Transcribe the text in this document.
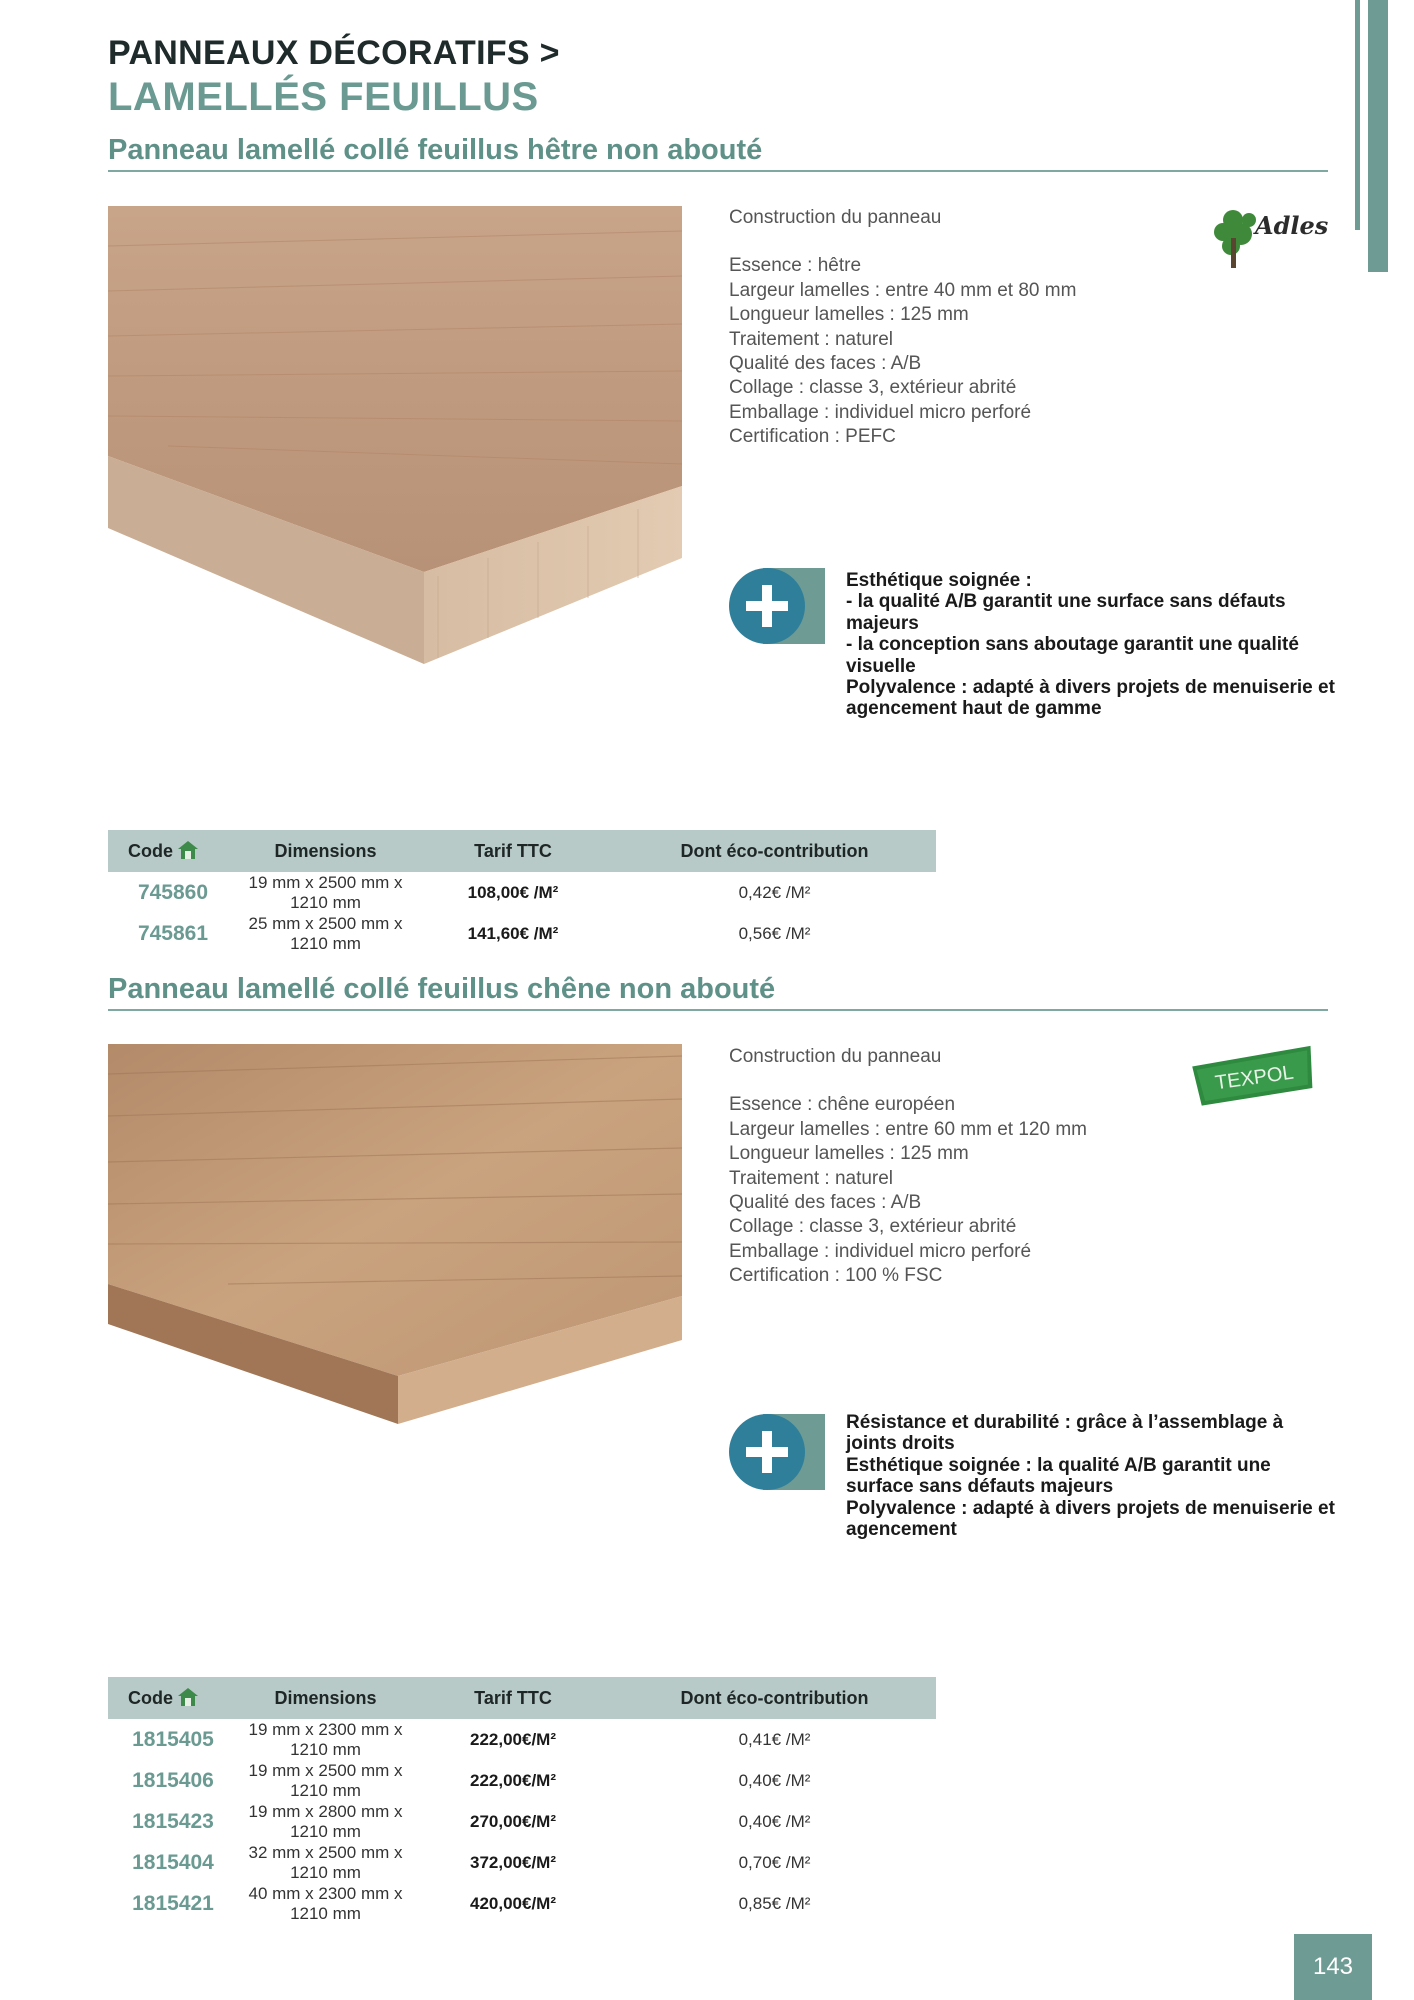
PANNEAUX DÉCORATIFS >
LAMELLÉS FEUILLUS
Panneau lamellé collé feuillus hêtre non abouté
Construction du panneau
Essence : hêtre
Largeur lamelles : entre 40 mm et 80 mm
Longueur lamelles : 125 mm
Traitement : naturel
Qualité des faces : A/B
Collage : classe 3, extérieur abrité
Emballage : individuel micro perforé
Certification : PEFC
Adles
Esthétique soignée :
- la qualité A/B garantit une surface sans défauts majeurs
- la conception sans aboutage garantit une qualité visuelle
Polyvalence : adapté à divers projets de menuiserie et agencement haut de gamme
Code	Dimensions	Tarif TTC	Dont éco-contribution
745860	19 mm x 2500 mm x 1210 mm	108,00€ /M²	0,42€ /M²
745861	25 mm x 2500 mm x 1210 mm	141,60€ /M²	0,56€ /M²
Panneau lamellé collé feuillus chêne non abouté
Construction du panneau
Essence : chêne européen
Largeur lamelles : entre 60 mm et 120 mm
Longueur lamelles : 125 mm
Traitement : naturel
Qualité des faces : A/B
Collage : classe 3, extérieur abrité
Emballage : individuel micro perforé
Certification : 100 % FSC
TEXPOL
Résistance et durabilité : grâce à l’assemblage à joints droits
Esthétique soignée : la qualité A/B garantit une surface sans défauts majeurs
Polyvalence : adapté à divers projets de menuiserie et agencement
Code	Dimensions	Tarif TTC	Dont éco-contribution
1815405	19 mm x 2300 mm x 1210 mm	222,00€/M²	0,41€ /M²
1815406	19 mm x 2500 mm x 1210 mm	222,00€/M²	0,40€ /M²
1815423	19 mm x 2800 mm x 1210 mm	270,00€/M²	0,40€ /M²
1815404	32 mm x 2500 mm x 1210 mm	372,00€/M²	0,70€ /M²
1815421	40 mm x 2300 mm x 1210 mm	420,00€/M²	0,85€ /M²
143
